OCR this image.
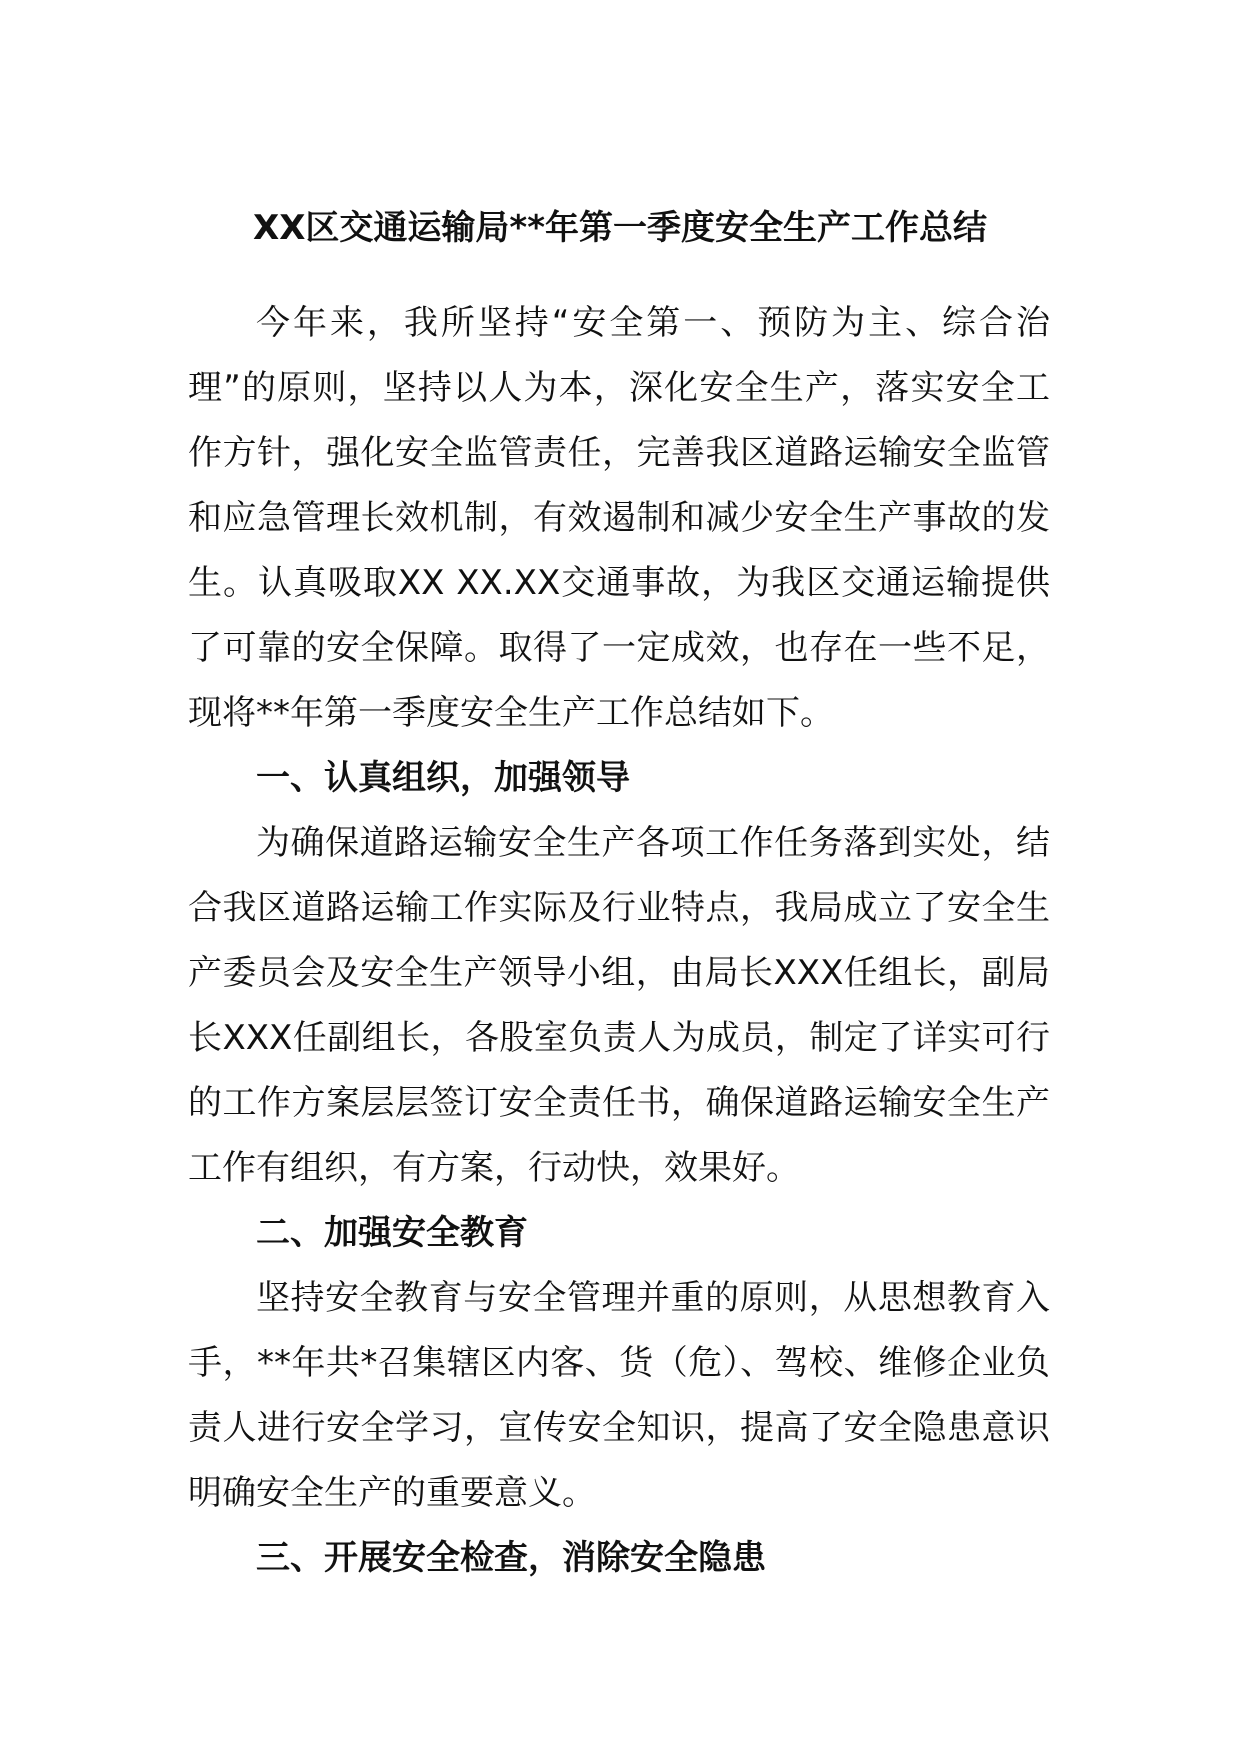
XX区交通运输局**年第一季度安全生产工作总结
今年来，我所坚持“安全第一、预防为主、综合治
理”的原则，坚持以人为本，深化安全生产，落实安全工
作方针，强化安全监管责任，完善我区道路运输安全监管
和应急管理长效机制，有效遏制和减少安全生产事故的发
生。认真吸取XX XX.XX交通事故，为我区交通运输提供
了可靠的安全保障。取得了一定成效，也存在一些不足，
现将**年第一季度安全生产工作总结如下。
一、认真组织，加强领导
为确保道路运输安全生产各项工作任务落到实处，结
合我区道路运输工作实际及行业特点，我局成立了安全生
产委员会及安全生产领导小组，由局长XXX任组长，副局
长XXX任副组长，各股室负责人为成员，制定了详实可行
的工作方案层层签订安全责任书，确保道路运输安全生产
工作有组织，有方案，行动快，效果好。
二、加强安全教育
坚持安全教育与安全管理并重的原则，从思想教育入
手，**年共*召集辖区内客、货（危）、驾校、维修企业负
责人进行安全学习，宣传安全知识，提高了安全隐患意识
明确安全生产的重要意义。
三、开展安全检查，消除安全隐患
